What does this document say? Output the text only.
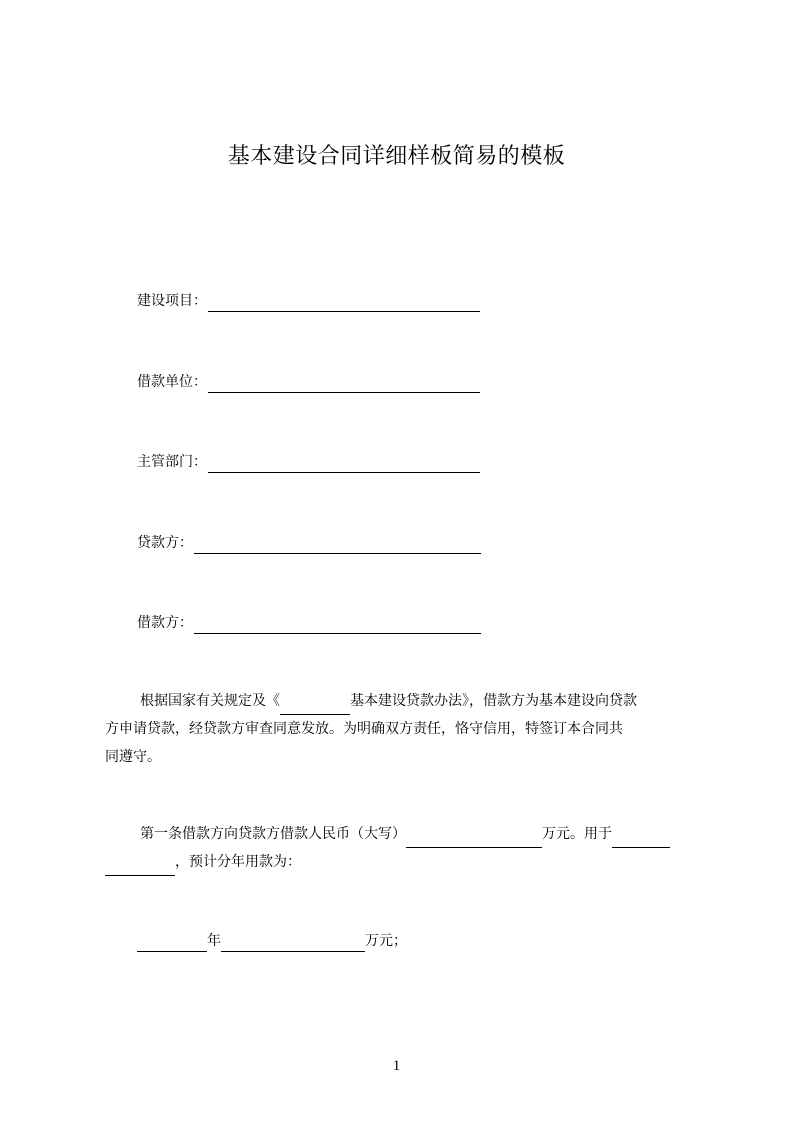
基本建设合同详细样板简易的模板
建设项目：
借款单位：
主管部门：
贷款方：
借款方：
根据国家有关规定及《	基本建设贷款办法》，借款方为基本建设向贷款
方申请贷款，经贷款方审查同意发放。为明确双方责任，恪守信用，特签订本合同共
同遵守。
第一条借款方向贷款方借款人民币（大写）	万元。用于
，预计分年用款为：
年	万元；
1
